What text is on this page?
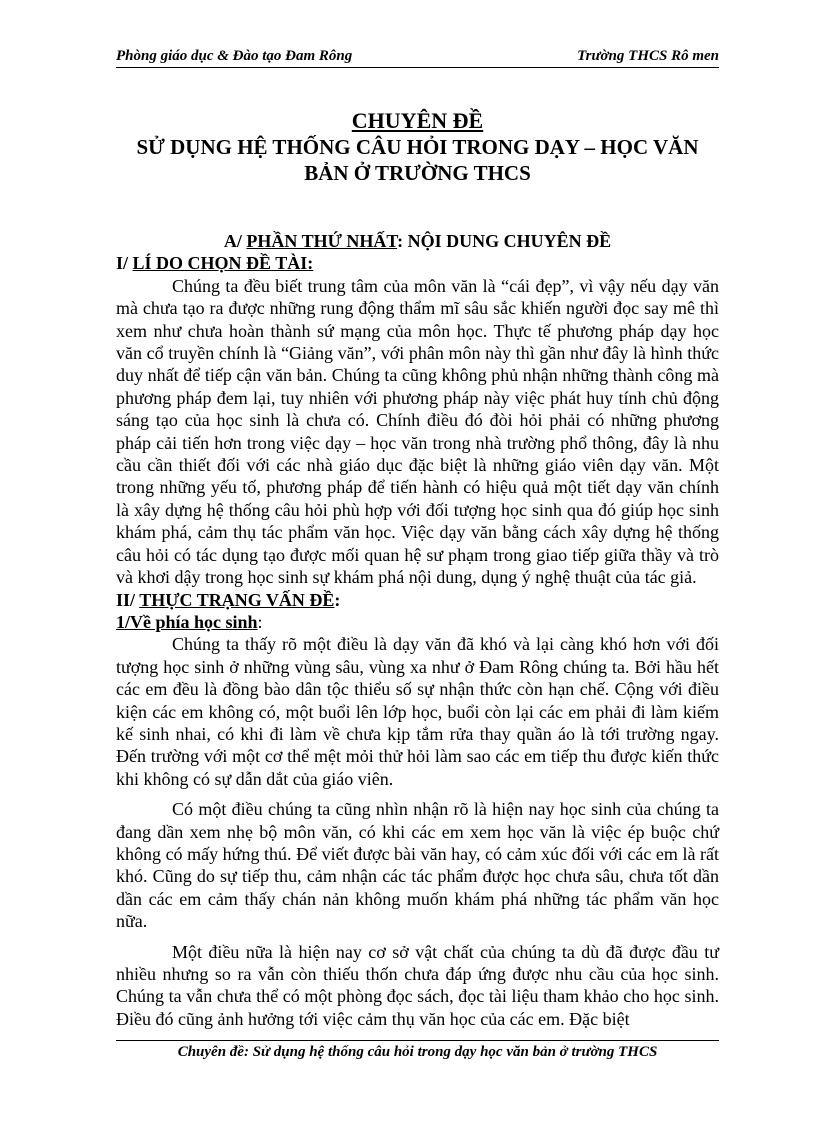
Phòng giáo dục & Đào tạo Đam Rông	Trường THCS Rô men
CHUYÊN ĐỀ
SỬ DỤNG HỆ THỐNG CÂU HỎI TRONG DẠY – HỌC VĂN BẢN Ở TRƯỜNG THCS

A/ PHẦN THỨ NHẤT: NỘI DUNG CHUYÊN ĐỀ

I/ LÍ DO CHỌN ĐỀ TÀI:

Chúng ta đều biết trung tâm của môn văn là “cái đẹp”, vì vậy nếu dạy văn mà chưa tạo ra được những rung động thẩm mĩ sâu sắc khiến người đọc say mê thì xem như chưa hoàn thành sứ mạng của môn học. Thực tế phương pháp dạy học văn cổ truyền chính là “Giảng văn”, với phân môn này thì gần như đây là hình thức duy nhất để tiếp cận văn bản. Chúng ta cũng không phủ nhận những thành công mà phương pháp đem lại, tuy nhiên với phương pháp này việc phát huy tính chủ động sáng tạo của học sinh là chưa có. Chính điều đó đòi hỏi phải có những phương pháp cải tiến hơn trong việc dạy – học văn trong nhà trường phổ thông, đây là nhu cầu cần thiết đối với các nhà giáo dục đặc biệt là những giáo viên dạy văn. Một trong những yếu tố, phương pháp để tiến hành có hiệu quả một tiết dạy văn chính là xây dựng hệ thống câu hỏi phù hợp với đối tượng học sinh qua đó giúp học sinh khám phá, cảm thụ tác phẩm văn học. Việc dạy văn bằng cách xây dựng hệ thống câu hỏi có tác dụng tạo được mối quan hệ sư phạm trong giao tiếp giữa thầy và trò và khơi dậy trong học sinh sự khám phá nội dung, dụng ý nghệ thuật của tác giả.

II/ THỰC TRẠNG VẤN ĐỀ:

1/Về phía học sinh:

Chúng ta thấy rõ một điều là dạy văn đã khó và lại càng khó hơn với đối tượng học sinh ở những vùng sâu, vùng xa như ở Đam Rông chúng ta. Bởi hầu hết các em đều là đồng bào dân tộc thiểu số sự nhận thức còn hạn chế. Cộng với điều kiện các em không có, một buổi lên lớp học, buổi còn lại các em phải đi làm kiếm kế sinh nhai, có khi đi làm về chưa kịp tắm rửa thay quần áo là tới trường ngay. Đến trường với một cơ thể mệt mỏi thử hỏi làm sao các em tiếp thu được kiến thức khi không có sự dẫn dắt của giáo viên.

Có một điều chúng ta cũng nhìn nhận rõ là hiện nay học sinh của chúng ta đang dần xem nhẹ bộ môn văn, có khi các em xem học văn là việc ép buộc chứ không có mấy hứng thú. Để viết được bài văn hay, có cảm xúc đối với các em là rất khó. Cũng do sự tiếp thu, cảm nhận các tác phẩm được học chưa sâu, chưa tốt dần dần các em cảm thấy chán nản không muốn khám phá những tác phẩm văn học nữa.

Một điều nữa là hiện nay cơ sở vật chất của chúng ta dù đã được đầu tư nhiều nhưng so ra vẫn còn thiếu thốn chưa đáp ứng được nhu cầu của học sinh. Chúng ta vẫn chưa thể có một phòng đọc sách, đọc tài liệu tham khảo cho học sinh. Điều đó cũng ảnh hưởng tới việc cảm thụ văn học của các em. Đặc biệt

Chuyên đề: Sử dụng hệ thống câu hỏi trong dạy học văn bản ở trường THCS
